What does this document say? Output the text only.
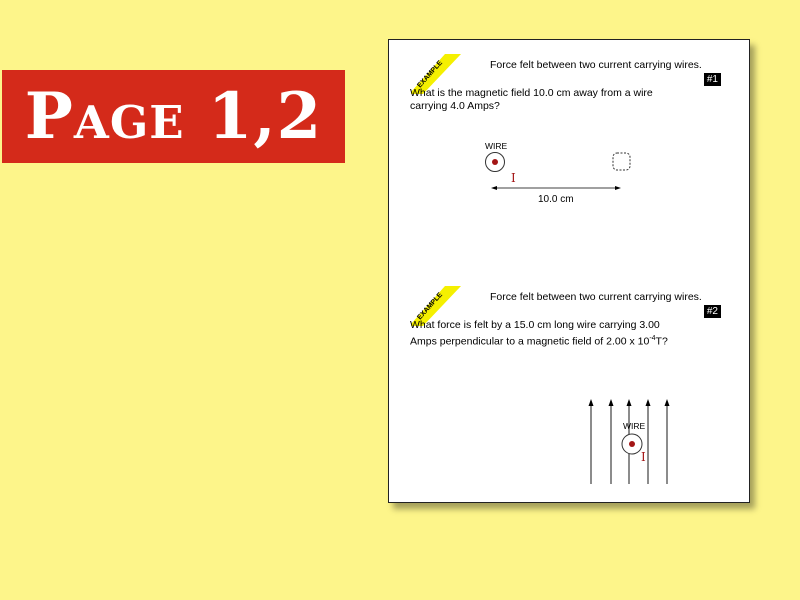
Page 1,2
EXAMPLE	Force felt between two current carrying wires.
#1
What is the magnetic field 10.0 cm away from a wire
carrying 4.0 Amps?
WIRE
I
10.0 cm
EXAMPLE	Force felt between two current carrying wires.
#2
What force is felt by a 15.0 cm long wire carrying 3.00
Amps perpendicular to a magnetic field of 2.00 x $10^{-4}T$?
WIRE
I
